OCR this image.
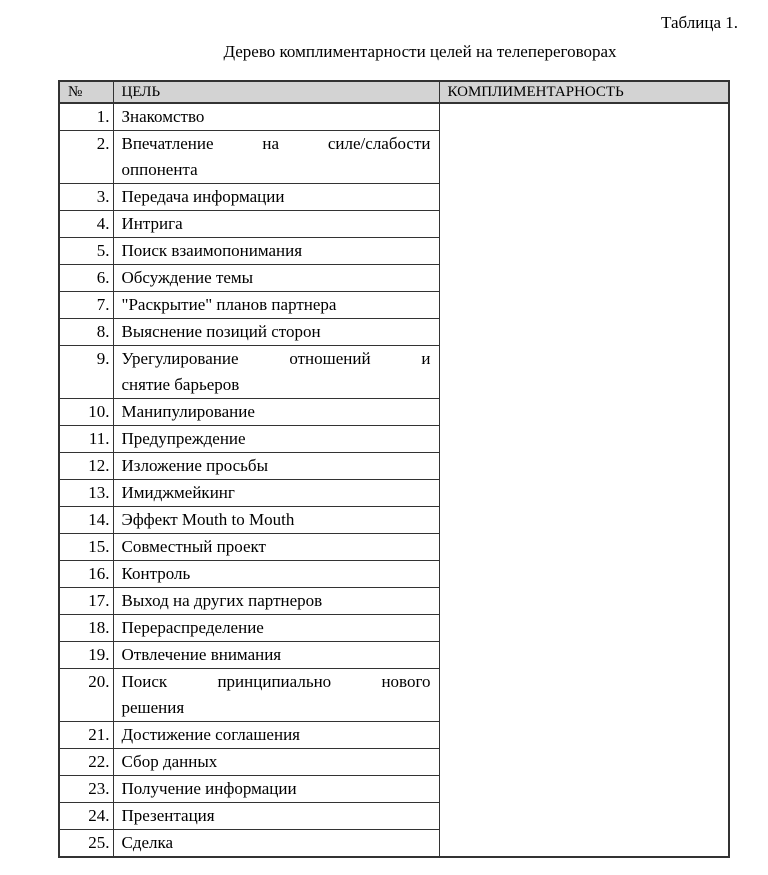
Таблица 1.
Дерево комплиментарности целей на телепереговорах
№	ЦЕЛЬ	КОМПЛИМЕНТАРНОСТЬ
1.	Знакомство	

2.	Впечатление на силе/слабости
оппонента	

3.	Передача информации	

4.	Интрига	

5.	Поиск взаимопонимания	

6.	Обсуждение темы	

7.	"Раскрытие" планов партнера	

8.	Выяснение позиций сторон	

9.	Урегулирование отношений и
снятие барьеров	

10.	Манипулирование	

11.	Предупреждение	

12.	Изложение просьбы	

13.	Имиджмейкинг	

14.	Эффект Mouth to Mouth	

15.	Совместный проект	

16.	Контроль	

17.	Выход на других партнеров	

18.	Перераспределение	

19.	Отвлечение внимания	

20.	Поиск принципиально нового
решения	

21.	Достижение соглашения	

22.	Сбор данных	

23.	Получение информации	

24.	Презентация	

25.	Сделка	
